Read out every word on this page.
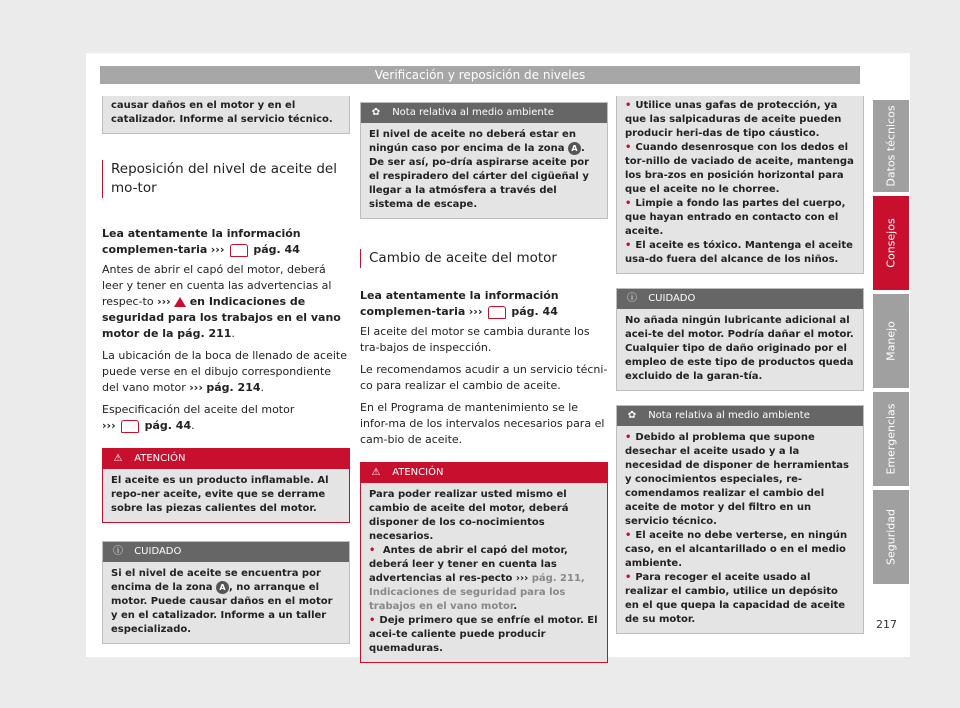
Verificación y reposición de niveles
causar daños en el motor y en el catalizador. Informe al servicio técnico.
Reposición del nivel de aceite del mo-tor
Lea atentamente la información complemen-taria ›››	pág. 44
Antes de abrir el capó del motor, deberá leer y tener en cuenta las advertencias al respec-to ››› en Indicaciones de seguridad para los trabajos en el vano motor de la pág. 211.
La ubicación de la boca de llenado de aceite puede verse en el dibujo correspondiente del vano motor ››› pág. 214.
Especificación del aceite del motor
›››	pág. 44.
⚠ ATENCIÓN
El aceite es un producto inflamable. Al repo-ner aceite, evite que se derrame sobre las piezas calientes del motor.
ⓘ CUIDADO
Si el nivel de aceite se encuentra por encima de la zona A , no arranque el motor. Puede causar daños en el motor y en el catalizador. Informe a un taller especializado.
✿ Nota relativa al medio ambiente
El nivel de aceite no deberá estar en ningún caso por encima de la zona A . De ser así, po-dría aspirarse aceite por el respiradero del cárter del cigüeñal y llegar a la atmósfera a través del sistema de escape.
Cambio de aceite del motor
Lea atentamente la información complemen-taria ›››	pág. 44
El aceite del motor se cambia durante los tra-bajos de inspección.
Le recomendamos acudir a un servicio técni-co para realizar el cambio de aceite.
En el Programa de mantenimiento se le infor-ma de los intervalos necesarios para el cam-bio de aceite.
⚠ ATENCIÓN
Para poder realizar usted mismo el cambio de aceite del motor, deberá disponer de los co-nocimientos necesarios.
• Antes de abrir el capó del motor, deberá leer y tener en cuenta las advertencias al res-pecto ››› pág. 211, Indicaciones de seguridad para los trabajos en el vano motor.
• Deje primero que se enfríe el motor. El acei-te caliente puede producir quemaduras.
• Utilice unas gafas de protección, ya que las salpicaduras de aceite pueden producir heri-das de tipo cáustico.
• Cuando desenrosque con los dedos el tor-nillo de vaciado de aceite, mantenga los bra-zos en posición horizontal para que el aceite no le chorree.
• Limpie a fondo las partes del cuerpo, que hayan entrado en contacto con el aceite.
• El aceite es tóxico. Mantenga el aceite usa-do fuera del alcance de los niños.
ⓘ CUIDADO
No añada ningún lubricante adicional al acei-te del motor. Podría dañar el motor. Cualquier tipo de daño originado por el empleo de este tipo de productos queda excluido de la garan-tía.
✿ Nota relativa al medio ambiente
• Debido al problema que supone desechar el aceite usado y a la necesidad de disponer de herramientas y conocimientos especiales, re-comendamos realizar el cambio del aceite de motor y del filtro en un servicio técnico.
• El aceite no debe verterse, en ningún caso, en el alcantarillado o en el medio ambiente.
• Para recoger el aceite usado al realizar el cambio, utilice un depósito en el que quepa la capacidad de aceite de su motor.
Datos técnicos
Consejos
Manejo
Emergencias
Seguridad
217
